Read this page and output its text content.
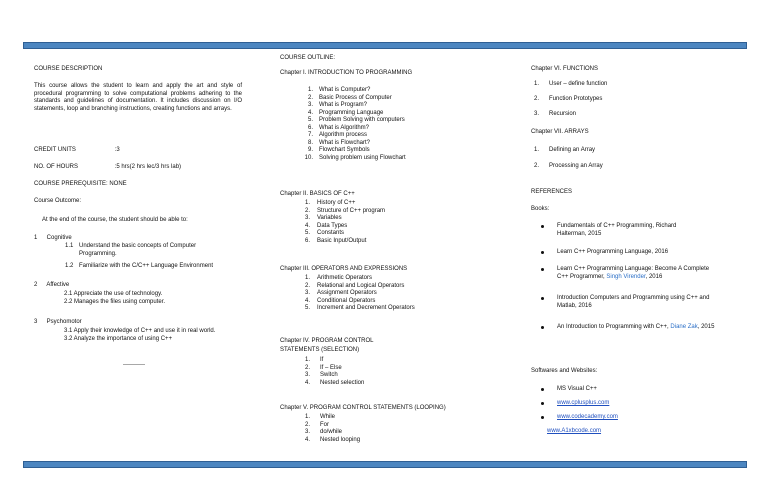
COURSE DESCRIPTION
This course allows the student to learn and apply the art and style of procedural programming to solve computational problems adhering to the standards and guidelines of documentation. It includes discussion on I/O statements, loop and branching instructions, creating functions and arrays.
CREDIT UNITS	:3
NO. OF HOURS	:5 hrs(2 hrs lec/3 hrs lab)
COURSE PREREQUISITE: NONE
Course Outcome:
At the end of the course, the student should be able to:
1 Cognitive
1.1 Understand the basic concepts of Computer Programming.
1.2 Familiarize with the C/C++ Language Environment
2 Affective
2.1 Appreciate the use of technology.
2.2 Manages the files using computer.
3 Psychomotor
3.1 Apply their knowledge of C++ and use it in real world.
3.2 Analyze the importance of using C++
-----------
COURSE OUTLINE:
Chapter I. INTRODUCTION TO PROGRAMMING
1. What is Computer?
2. Basic Process of Computer
3. What is Program?
4. Programming Language
5. Problem Solving with computers
6. What is Algorithm?
7. Algorithm process
8. What is Flowchart?
9. Flowchart Symbols
10. Solving problem using Flowchart
Chapter II. BASICS OF C++
1. History of C++
2. Structure of C++ program
3. Variables
4. Data Types
5. Constants
6. Basic Input/Output
Chapter III. OPERATORS AND EXPRESSIONS
1. Arithmetic Operators
2. Relational and Logical Operators
3. Assignment Operators
4. Conditional Operators
5. Increment and Decrement Operators
Chapter IV. PROGRAM CONTROL
STATEMENTS (SELECTION)
1. If
2. If – Else
3. Switch
4. Nested selection
Chapter V. PROGRAM CONTROL STATEMENTS (LOOPING)
1. While
2. For
3. do/while
4. Nested looping
Chapter VI. FUNCTIONS
1. User – define function
2. Function Prototypes
3. Recursion
Chapter VII. ARRAYS
1. Defining an Array
2. Processing an Array
REFERENCES
Books:
Fundamentals of C++ Programming, Richard Halterman, 2015
Learn C++ Programming Language, 2016
Learn C++ Programming Language: Become A Complete C++ Programmer, Singh Virender, 2016
Introduction Computers and Programming using C++ and Matlab, 2016
An Introduction to Programming with C++, Diane Zak, 2015
Softwares and Websites:
MS Visual C++
www.cplusplus.com
www.codecademy.com
www.A1xbcode.com
